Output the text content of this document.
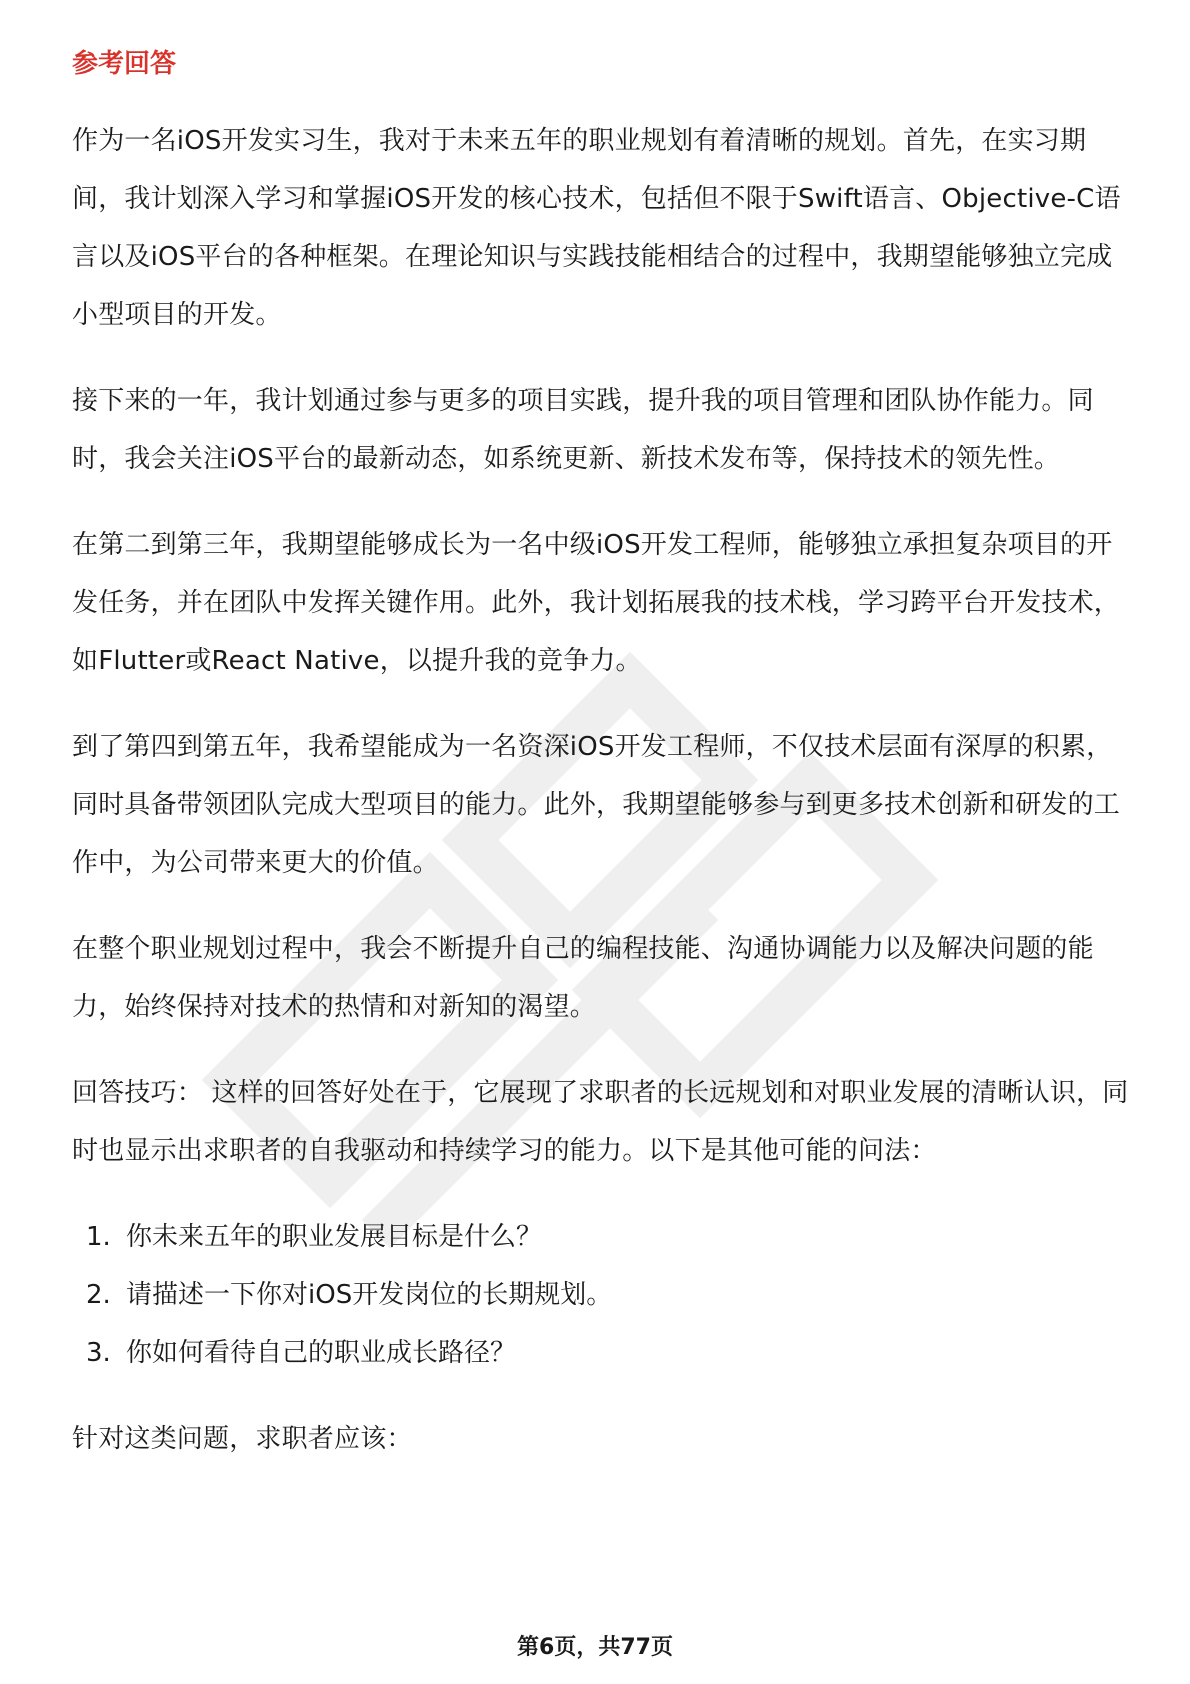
参考回答

作为一名iOS开发实习生，我对于未来五年的职业规划有着清晰的规划。首先，在实习期间，我计划深入学习和掌握iOS开发的核心技术，包括但不限于Swift语言、Objective-C语言以及iOS平台的各种框架。在理论知识与实践技能相结合的过程中，我期望能够独立完成小型项目的开发。

接下来的一年，我计划通过参与更多的项目实践，提升我的项目管理和团队协作能力。同时，我会关注iOS平台的最新动态，如系统更新、新技术发布等，保持技术的领先性。

在第二到第三年，我期望能够成长为一名中级iOS开发工程师，能够独立承担复杂项目的开发任务，并在团队中发挥关键作用。此外，我计划拓展我的技术栈，学习跨平台开发技术，如Flutter或React Native，以提升我的竞争力。

到了第四到第五年，我希望能成为一名资深iOS开发工程师，不仅技术层面有深厚的积累，同时具备带领团队完成大型项目的能力。此外，我期望能够参与到更多技术创新和研发的工作中，为公司带来更大的价值。

在整个职业规划过程中，我会不断提升自己的编程技能、沟通协调能力以及解决问题的能力，始终保持对技术的热情和对新知的渴望。

回答技巧： 这样的回答好处在于，它展现了求职者的长远规划和对职业发展的清晰认识，同时也显示出求职者的自我驱动和持续学习的能力。以下是其他可能的问法：

1. 你未来五年的职业发展目标是什么？
2. 请描述一下你对iOS开发岗位的长期规划。
3. 你如何看待自己的职业成长路径？

针对这类问题，求职者应该：

第6页，共77页
